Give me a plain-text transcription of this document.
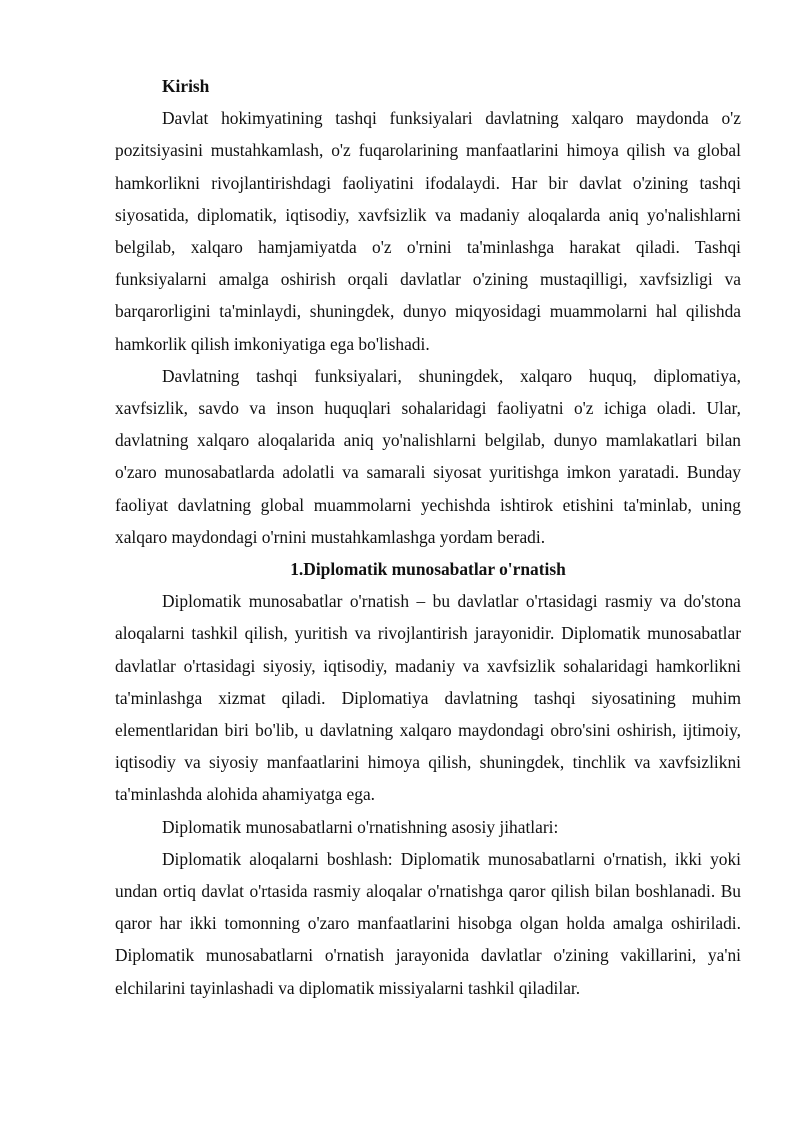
Kirish

Davlat hokimyatining tashqi funksiyalari davlatning xalqaro maydonda o'z pozitsiyasini mustahkamlash, o'z fuqarolarining manfaatlarini himoya qilish va global hamkorlikni rivojlantirishdagi faoliyatini ifodalaydi. Har bir davlat o'zining tashqi siyosatida, diplomatik, iqtisodiy, xavfsizlik va madaniy aloqalarda aniq yo'nalishlarni belgilab, xalqaro hamjamiyatda o'z o'rnini ta'minlashga harakat qiladi. Tashqi funksiyalarni amalga oshirish orqali davlatlar o'zining mustaqilligi, xavfsizligi va barqarorligini ta'minlaydi, shuningdek, dunyo miqyosidagi muammolarni hal qilishda hamkorlik qilish imkoniyatiga ega bo'lishadi.

Davlatning tashqi funksiyalari, shuningdek, xalqaro huquq, diplomatiya, xavfsizlik, savdo va inson huquqlari sohalaridagi faoliyatni o'z ichiga oladi. Ular, davlatning xalqaro aloqalarida aniq yo'nalishlarni belgilab, dunyo mamlakatlari bilan o'zaro munosabatlarda adolatli va samarali siyosat yuritishga imkon yaratadi. Bunday faoliyat davlatning global muammolarni yechishda ishtirok etishini ta'minlab, uning xalqaro maydondagi o'rnini mustahkamlashga yordam beradi.

1.Diplomatik munosabatlar o'rnatish

Diplomatik munosabatlar o'rnatish – bu davlatlar o'rtasidagi rasmiy va do'stona aloqalarni tashkil qilish, yuritish va rivojlantirish jarayonidir. Diplomatik munosabatlar davlatlar o'rtasidagi siyosiy, iqtisodiy, madaniy va xavfsizlik sohalaridagi hamkorlikni ta'minlashga xizmat qiladi. Diplomatiya davlatning tashqi siyosatining muhim elementlaridan biri bo'lib, u davlatning xalqaro maydondagi obro'sini oshirish, ijtimoiy, iqtisodiy va siyosiy manfaatlarini himoya qilish, shuningdek, tinchlik va xavfsizlikni ta'minlashda alohida ahamiyatga ega.

Diplomatik munosabatlarni o'rnatishning asosiy jihatlari:

Diplomatik aloqalarni boshlash: Diplomatik munosabatlarni o'rnatish, ikki yoki undan ortiq davlat o'rtasida rasmiy aloqalar o'rnatishga qaror qilish bilan boshlanadi. Bu qaror har ikki tomonning o'zaro manfaatlarini hisobga olgan holda amalga oshiriladi. Diplomatik munosabatlarni o'rnatish jarayonida davlatlar o'zining vakillarini, ya'ni elchilarini tayinlashadi va diplomatik missiyalarni tashkil qiladilar.
